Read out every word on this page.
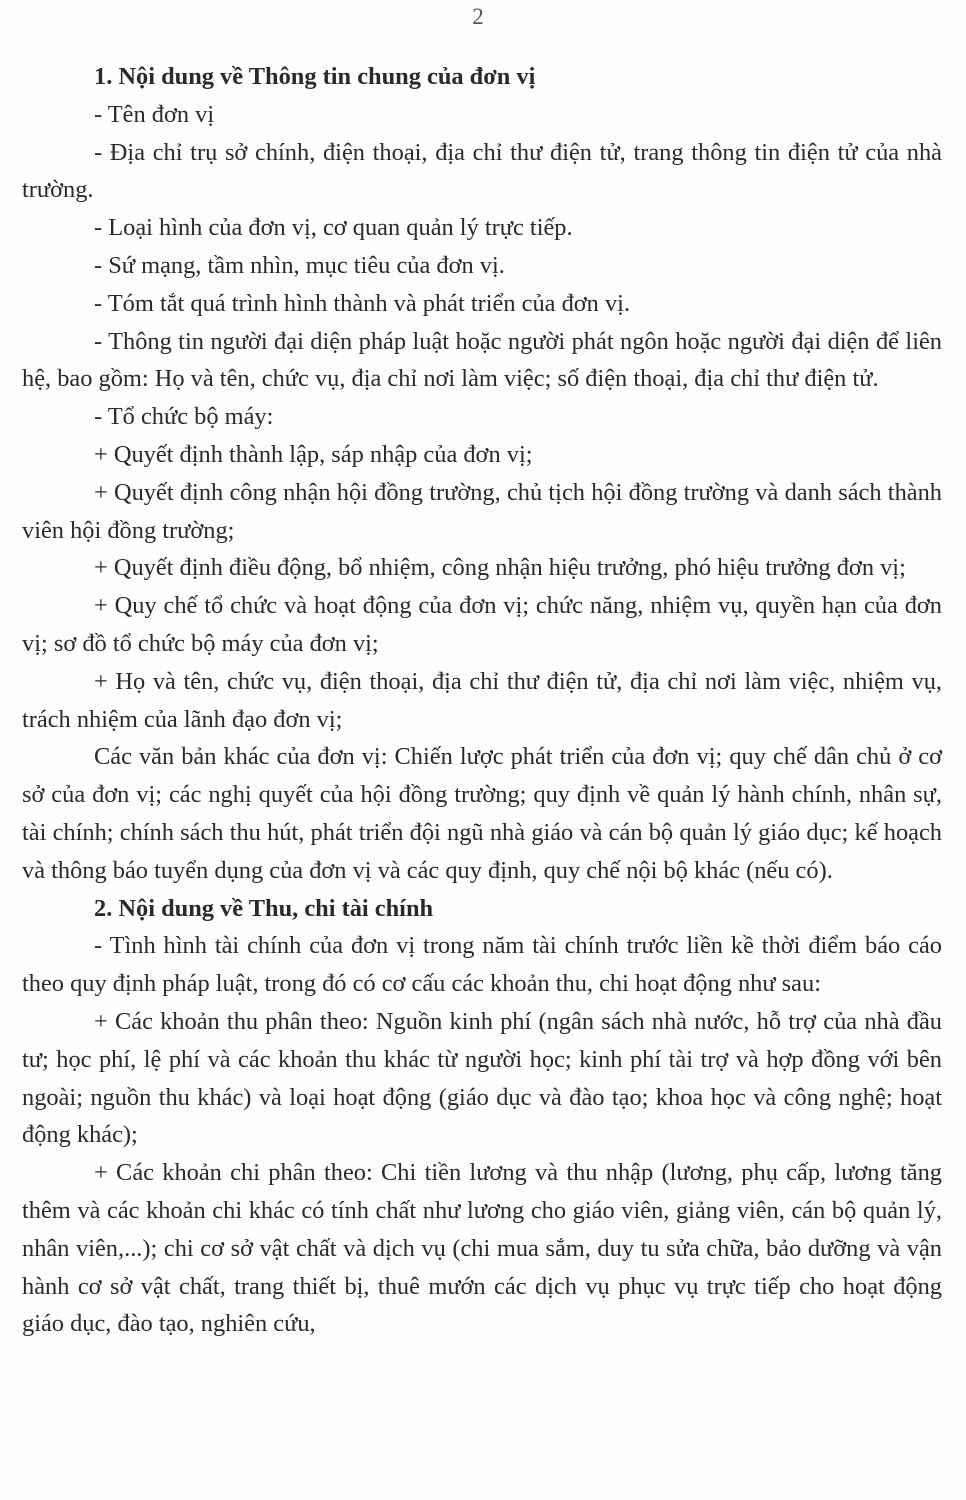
2

1. Nội dung về Thông tin chung của đơn vị

- Tên đơn vị

- Địa chỉ trụ sở chính, điện thoại, địa chỉ thư điện tử, trang thông tin điện tử của nhà trường.

- Loại hình của đơn vị, cơ quan quản lý trực tiếp.

- Sứ mạng, tầm nhìn, mục tiêu của đơn vị.

- Tóm tắt quá trình hình thành và phát triển của đơn vị.

- Thông tin người đại diện pháp luật hoặc người phát ngôn hoặc người đại diện để liên hệ, bao gồm: Họ và tên, chức vụ, địa chỉ nơi làm việc; số điện thoại, địa chỉ thư điện tử.

- Tổ chức bộ máy:

+ Quyết định thành lập, sáp nhập của đơn vị;

+ Quyết định công nhận hội đồng trường, chủ tịch hội đồng trường và danh sách thành viên hội đồng trường;

+ Quyết định điều động, bổ nhiệm, công nhận hiệu trưởng, phó hiệu trưởng đơn vị;

+ Quy chế tổ chức và hoạt động của đơn vị; chức năng, nhiệm vụ, quyền hạn của đơn vị; sơ đồ tổ chức bộ máy của đơn vị;

+ Họ và tên, chức vụ, điện thoại, địa chỉ thư điện tử, địa chỉ nơi làm việc, nhiệm vụ, trách nhiệm của lãnh đạo đơn vị;

Các văn bản khác của đơn vị: Chiến lược phát triển của đơn vị; quy chế dân chủ ở cơ sở của đơn vị; các nghị quyết của hội đồng trường; quy định về quản lý hành chính, nhân sự, tài chính; chính sách thu hút, phát triển đội ngũ nhà giáo và cán bộ quản lý giáo dục; kế hoạch và thông báo tuyển dụng của đơn vị và các quy định, quy chế nội bộ khác (nếu có).

2. Nội dung về Thu, chi tài chính

- Tình hình tài chính của đơn vị trong năm tài chính trước liền kề thời điểm báo cáo theo quy định pháp luật, trong đó có cơ cấu các khoản thu, chi hoạt động như sau:

+ Các khoản thu phân theo: Nguồn kinh phí (ngân sách nhà nước, hỗ trợ của nhà đầu tư; học phí, lệ phí và các khoản thu khác từ người học; kinh phí tài trợ và hợp đồng với bên ngoài; nguồn thu khác) và loại hoạt động (giáo dục và đào tạo; khoa học và công nghệ; hoạt động khác);

+ Các khoản chi phân theo: Chi tiền lương và thu nhập (lương, phụ cấp, lương tăng thêm và các khoản chi khác có tính chất như lương cho giáo viên, giảng viên, cán bộ quản lý, nhân viên,...); chi cơ sở vật chất và dịch vụ (chi mua sắm, duy tu sửa chữa, bảo dưỡng và vận hành cơ sở vật chất, trang thiết bị, thuê mướn các dịch vụ phục vụ trực tiếp cho hoạt động giáo dục, đào tạo, nghiên cứu,
